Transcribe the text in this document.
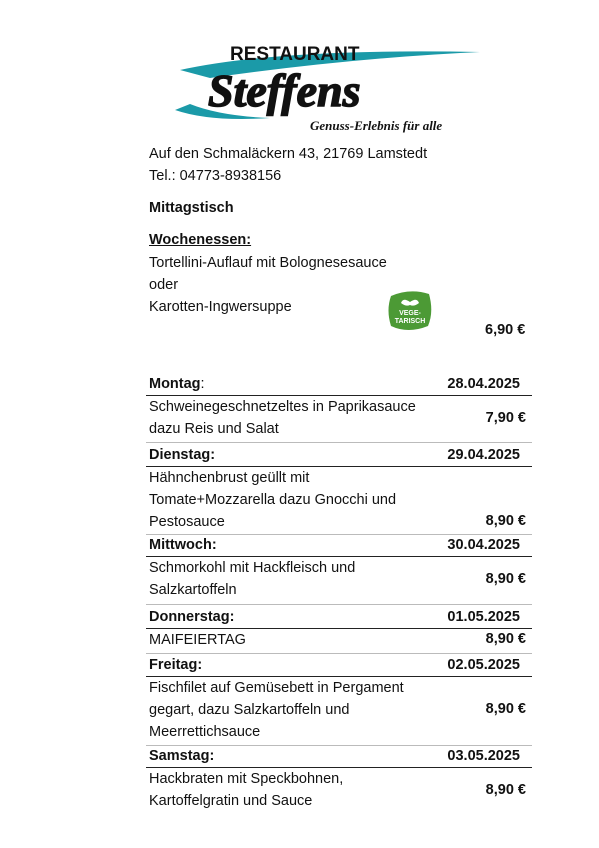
RESTAURANT
Steffens
Genuss-Erlebnis für alle
Auf den Schmaläckern 43, 21769 Lamstedt
Tel.: 04773-8938156
Mittagstisch
Wochenessen:
Tortellini-Auflauf mit Bolognesesauce
oder
Karotten-Ingwersuppe	VEGE-
TARISCH
6,90 €
Montag:	28.04.2025
Schweinegeschnetzeltes in Paprikasauce
dazu Reis und Salat
7,90 €
Dienstag:	29.04.2025
Hähnchenbrust geüllt mit
Tomate+Mozzarella dazu Gnocchi und
Pestosauce	8,90 €
Mittwoch:	30.04.2025
Schmorkohl mit Hackfleisch und
Salzkartoffeln
8,90 €
Donnerstag:	01.05.2025
MAIFEIERTAG	8,90 €
Freitag:	02.05.2025
Fischfilet auf Gemüsebett in Pergament
gegart, dazu Salzkartoffeln und
Meerrettichsauce
8,90 €
Samstag:	03.05.2025
Hackbraten mit Speckbohnen,
Kartoffelgratin und Sauce
8,90 €
